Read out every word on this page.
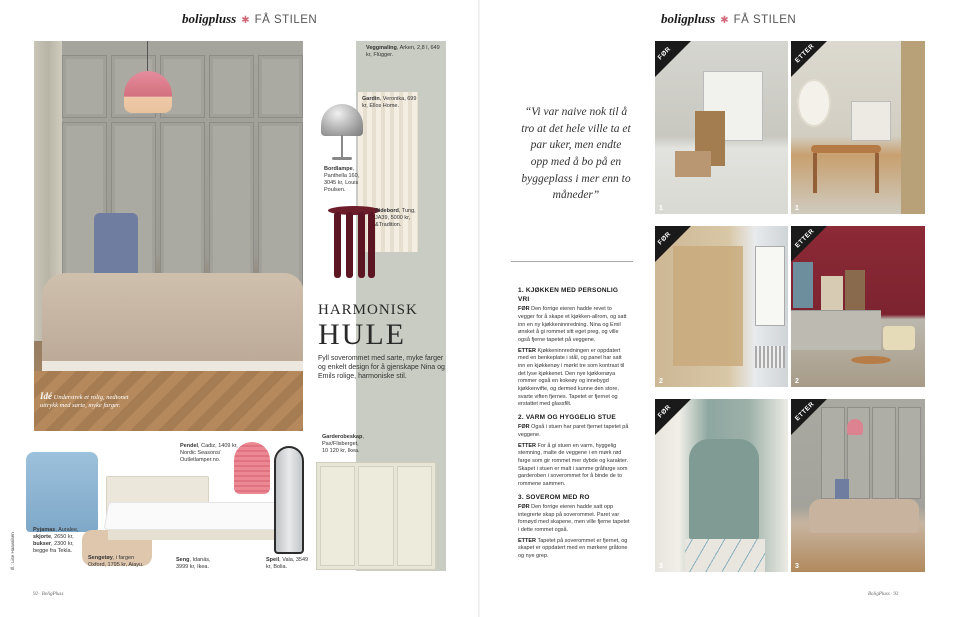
boligpluss ✱ FÅ STILEN
Idé Understrek et rolig, nedtonet uttrykk med sarte, myke farger.
Veggmaling, Arken, 2,8 l, 649 kr, Flügger.
Gardin, Veronika, 699 kr, Ellos Home.
Bordlampe, Panthella 160, 3045 kr, Louis Poulsen.
Sidebord, Tung, JA39, 5000 kr, &Tradition.
HARMONISK
HULE
Fyll soverommet med sarte, myke farger og enkelt design for å gjenskape Nina og Emils rolige, harmoniske stil.
Garderobeskap, Pax/Flisberget, 10 120 kr, Ikea.
Pyjamas, Auralee, skjorte, 2650 kr, bukser, 2300 kr, begge fra Tekla.
Sengetøy, i fargen Oxford, 1795 kr, Aiayu.
Seng, Idanäs, 3999 kr, Ikea.
Pendel, Cadiz, 1409 kr, Nordic Seasons/ Outletlamper.no.
Speil, Vala, 3549 kr, Bolia.
Ill.: Lise Haavalsen
92 · BoligPluss
boligpluss ✱ FÅ STILEN
BoligPluss · 93
“Vi var naive nok til å tro at det hele ville ta et par uker, men endte opp med å bo på en byggeplass i mer enn to måneder”
1. KJØKKEN MED PERSONLIG VRI

FØR Den forrige eieren hadde revet to vegger for å skape et kjøkken-allrom, og satt inn en ny kjøkkeninnredning. Nina og Emil ønsket å gi rommet sitt eget preg, og ville også fjerne tapetet på veggene.

ETTER Kjøkkeninnredningen er oppdatert med en benkeplate i stål, og panel har satt inn en kjøkkenøy i mørkt tre som kontrast til det lyse kjøkkenet. Den nye kjøkkenøya rommer også en kokeøy og innebygd kjøkkenvifte, og dermed kunne den store, svarte viften fjernes. Tapetet er fjernet og erstattet med glassfilt.

2. VARM OG HYGGELIG STUE

FØR Også i stuen har paret fjernet tapetet på veggene.

ETTER For å gi stuen en varm, hyggelig stemning, malte de veggene i en mørk rød farge som gir rommet mer dybde og karakter. Skapet i stuen er malt i samme gråfarge som garderoben i soverommet for å binde de to rommene sammen.

3. SOVEROM MED RO

FØR Den forrige eieren hadde satt opp integrerte skap på soverommet. Paret var fornøyd med skapene, men ville fjerne tapetet i dette rommet også.

ETTER Tapetet på soverommet er fjernet, og skapet er oppdatert med en mørkere gråtone og nye grep.

FØR
1
ETTER
1
FØR
2
ETTER
2
FØR
3
ETTER
3
